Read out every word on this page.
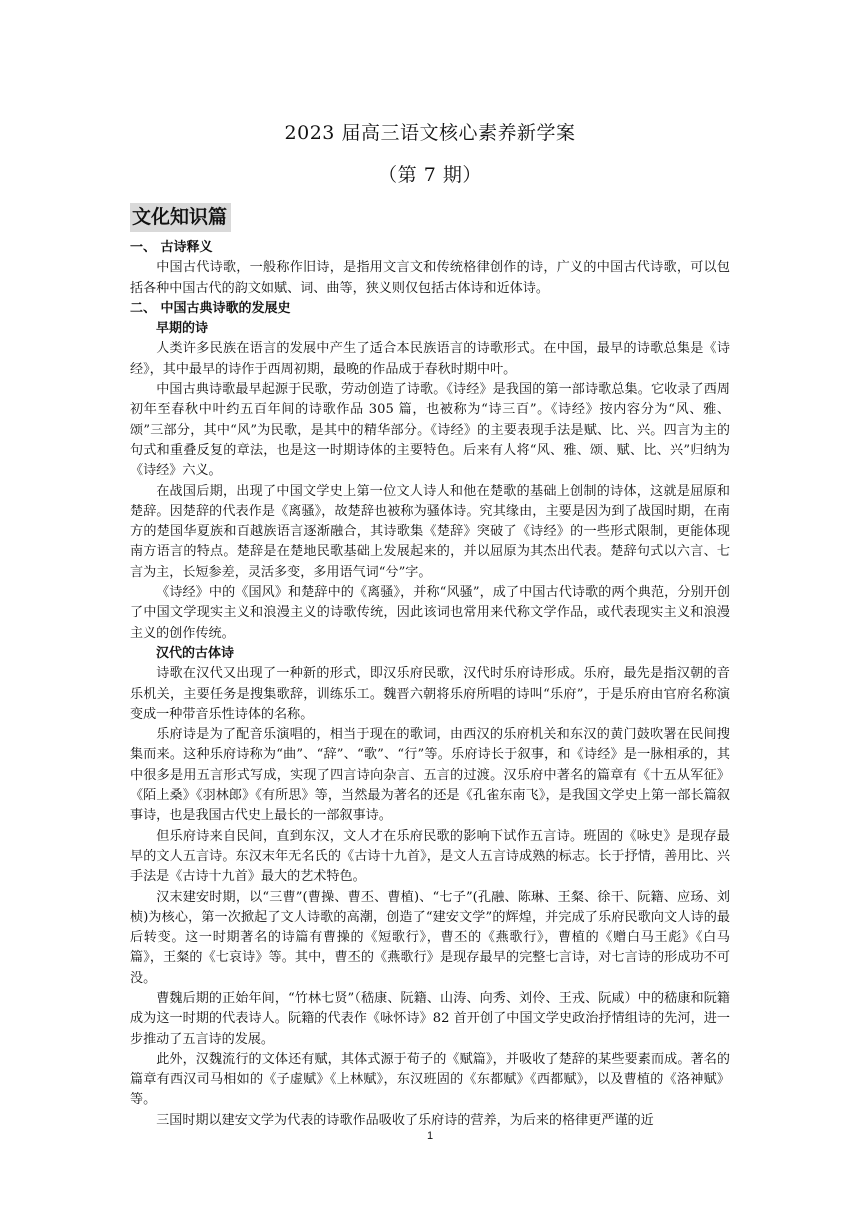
2023 届高三语文核心素养新学案
（第 7 期）
文化知识篇

一、 古诗释义

中国古代诗歌，一般称作旧诗，是指用文言文和传统格律创作的诗，广义的中国古代诗歌，可以包括各种中国古代的韵文如赋、词、曲等，狭义则仅包括古体诗和近体诗。

二、 中国古典诗歌的发展史

早期的诗

人类许多民族在语言的发展中产生了适合本民族语言的诗歌形式。在中国，最早的诗歌总集是《诗经》，其中最早的诗作于西周初期，最晚的作品成于春秋时期中叶。

中国古典诗歌最早起源于民歌，劳动创造了诗歌。《诗经》是我国的第一部诗歌总集。它收录了西周初年至春秋中叶约五百年间的诗歌作品 305 篇，也被称为“诗三百”。《诗经》按内容分为“风、雅、颂”三部分，其中“风”为民歌，是其中的精华部分。《诗经》的主要表现手法是赋、比、兴。四言为主的句式和重叠反复的章法，也是这一时期诗体的主要特色。后来有人将“风、雅、颂、赋、比、兴”归纳为《诗经》六义。

在战国后期，出现了中国文学史上第一位文人诗人和他在楚歌的基础上创制的诗体，这就是屈原和楚辞。因楚辞的代表作是《离骚》，故楚辞也被称为骚体诗。究其缘由，主要是因为到了战国时期，在南方的楚国华夏族和百越族语言逐渐融合，其诗歌集《楚辞》突破了《诗经》的一些形式限制，更能体现南方语言的特点。楚辞是在楚地民歌基础上发展起来的，并以屈原为其杰出代表。楚辞句式以六言、七言为主，长短参差，灵活多变，多用语气词“兮”字。

《诗经》中的《国风》和楚辞中的《离骚》，并称“风骚”，成了中国古代诗歌的两个典范，分别开创了中国文学现实主义和浪漫主义的诗歌传统，因此该词也常用来代称文学作品，或代表现实主义和浪漫主义的创作传统。

汉代的古体诗

诗歌在汉代又出现了一种新的形式，即汉乐府民歌，汉代时乐府诗形成。乐府，最先是指汉朝的音乐机关，主要任务是搜集歌辞，训练乐工。魏晋六朝将乐府所唱的诗叫“乐府”，于是乐府由官府名称演变成一种带音乐性诗体的名称。

乐府诗是为了配音乐演唱的，相当于现在的歌词，由西汉的乐府机关和东汉的黄门鼓吹署在民间搜集而来。这种乐府诗称为“曲”、“辞”、“歌”、“行”等。乐府诗长于叙事，和《诗经》是一脉相承的，其中很多是用五言形式写成，实现了四言诗向杂言、五言的过渡。汉乐府中著名的篇章有《十五从军征》《陌上桑》《羽林郎》《有所思》等，当然最为著名的还是《孔雀东南飞》，是我国文学史上第一部长篇叙事诗，也是我国古代史上最长的一部叙事诗。

但乐府诗来自民间，直到东汉，文人才在乐府民歌的影响下试作五言诗。班固的《咏史》是现存最早的文人五言诗。东汉末年无名氏的《古诗十九首》，是文人五言诗成熟的标志。长于抒情，善用比、兴手法是《古诗十九首》最大的艺术特色。

汉末建安时期，以“三曹”(曹操、曹丕、曹植)、“七子”(孔融、陈琳、王粲、徐干、阮籍、应玚、刘桢)为核心，第一次掀起了文人诗歌的高潮，创造了“建安文学”的辉煌，并完成了乐府民歌向文人诗的最后转变。这一时期著名的诗篇有曹操的《短歌行》，曹丕的《燕歌行》，曹植的《赠白马王彪》《白马篇》，王粲的《七哀诗》等。其中，曹丕的《燕歌行》是现存最早的完整七言诗，对七言诗的形成功不可没。

曹魏后期的正始年间，“竹林七贤”（嵇康、阮籍、山涛、向秀、刘伶、王戎、阮咸）中的嵇康和阮籍成为这一时期的代表诗人。阮籍的代表作《咏怀诗》82 首开创了中国文学史政治抒情组诗的先河，进一步推动了五言诗的发展。

此外，汉魏流行的文体还有赋，其体式源于荀子的《赋篇》，并吸收了楚辞的某些要素而成。著名的篇章有西汉司马相如的《子虚赋》《上林赋》，东汉班固的《东都赋》《西都赋》，以及曹植的《洛神赋》等。

三国时期以建安文学为代表的诗歌作品吸收了乐府诗的营养，为后来的格律更严谨的近

1
